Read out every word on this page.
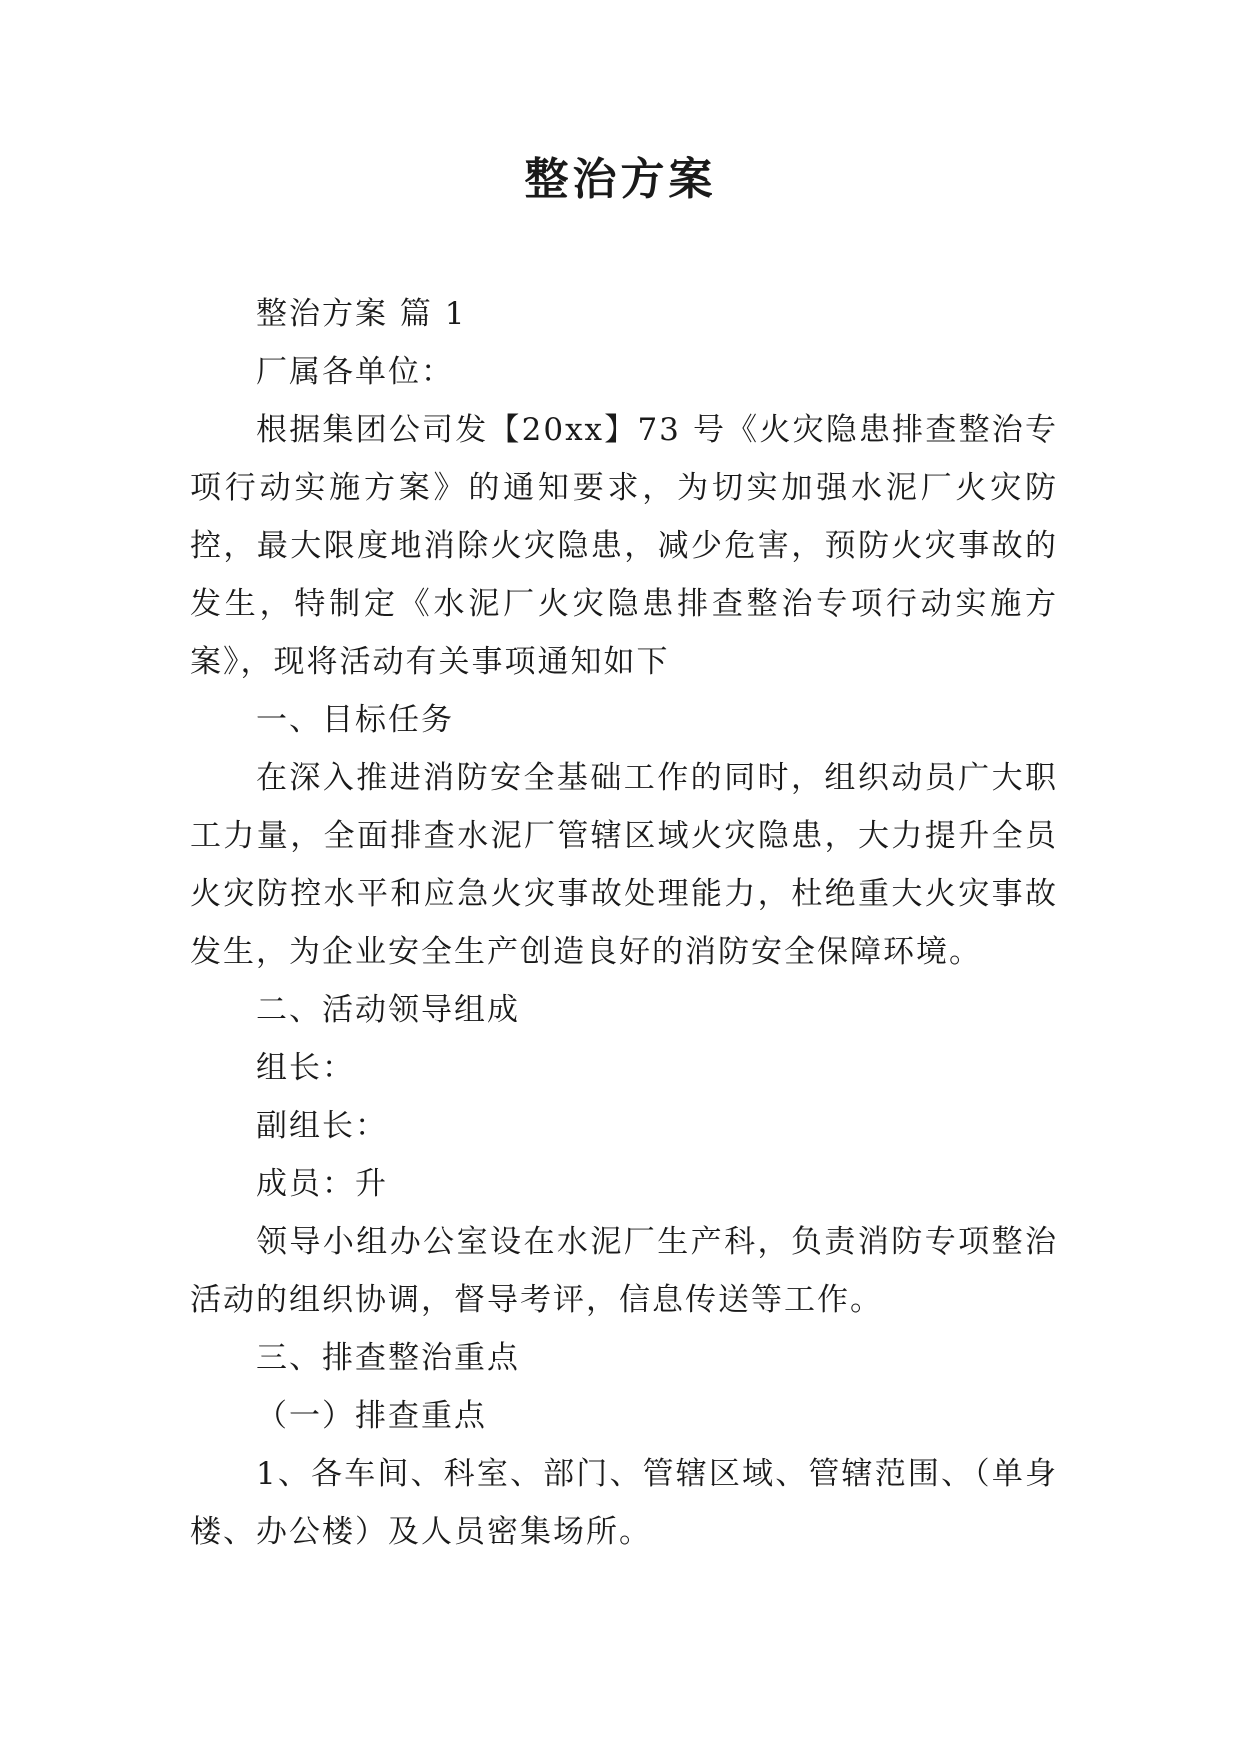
整治方案

整治方案 篇 1

厂属各单位：

根据集团公司发【20xx】73 号《火灾隐患排查整治专项行动实施方案》的通知要求，为切实加强水泥厂火灾防控，最大限度地消除火灾隐患，减少危害，预防火灾事故的发生，特制定《水泥厂火灾隐患排查整治专项行动实施方案》，现将活动有关事项通知如下

一、目标任务

在深入推进消防安全基础工作的同时，组织动员广大职工力量，全面排查水泥厂管辖区域火灾隐患，大力提升全员火灾防控水平和应急火灾事故处理能力，杜绝重大火灾事故发生，为企业安全生产创造良好的消防安全保障环境。

二、活动领导组成

组长：

副组长：

成员：升

领导小组办公室设在水泥厂生产科，负责消防专项整治活动的组织协调，督导考评，信息传送等工作。

三、排查整治重点

（一）排查重点

1、各车间、科室、部门、管辖区域、管辖范围、（单身楼、办公楼）及人员密集场所。
